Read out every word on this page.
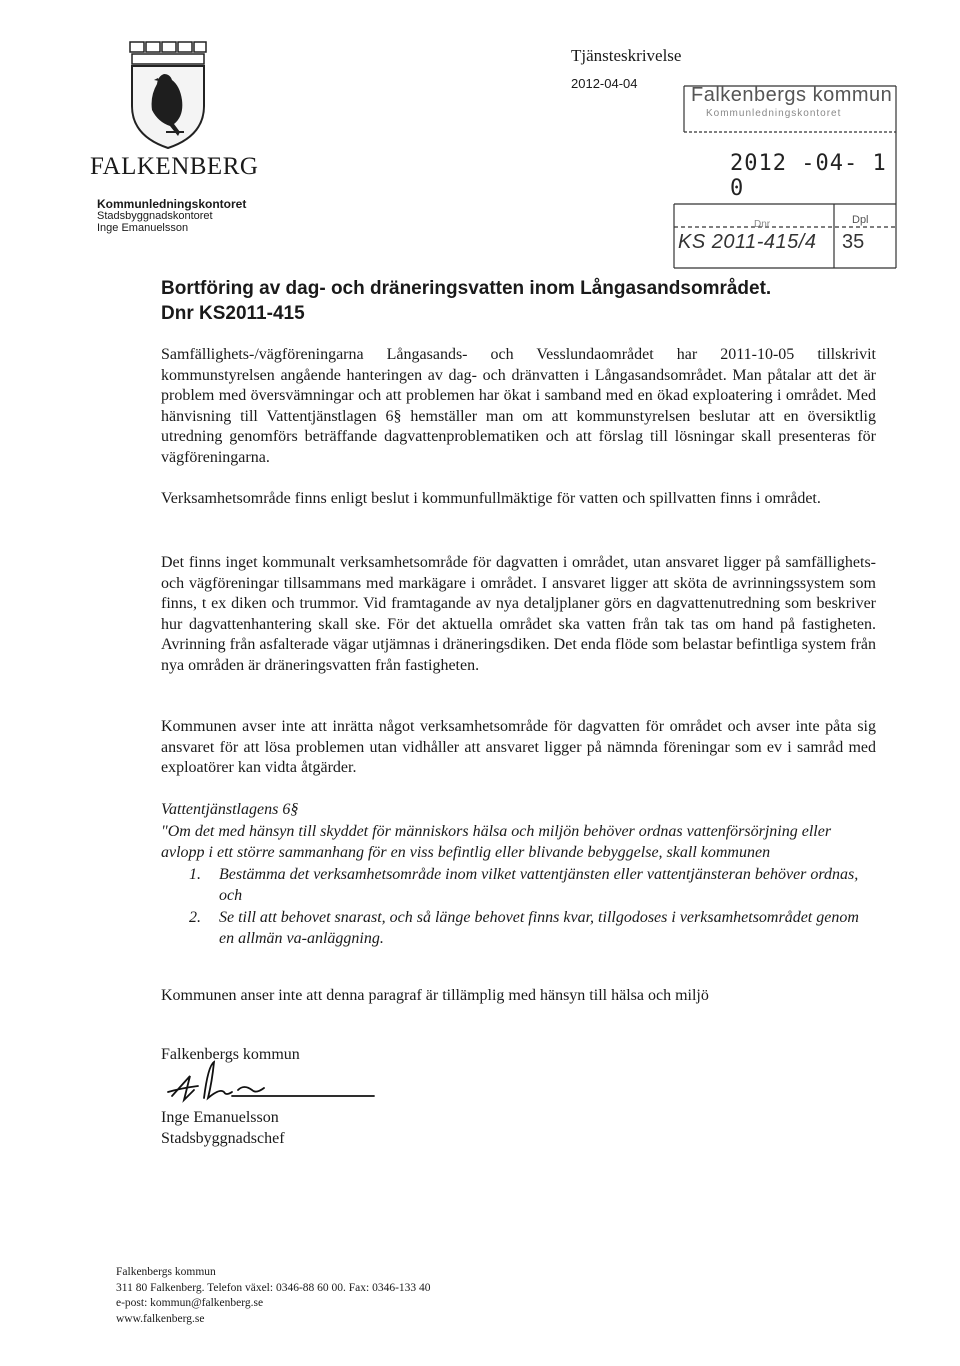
FALKENBERG
Kommunledningskontoret
Stadsbyggnadskontoret
Inge Emanuelsson
Tjänsteskrivelse
2012-04-04
Falkenbergs kommun
Kommunledningskontoret
2012 -04- 1 0
Dnr	Dpl
KS 2011-415/4 35
Bortföring av dag- och dräneringsvatten inom Långasandsområdet.
Dnr KS2011-415
Samfällighets-/vägföreningarna Långasands- och Vesslundaområdet har 2011-10-05 tillskrivit kommunstyrelsen angående hanteringen av dag- och dränvatten i Långasandsområdet. Man påtalar att det är problem med översvämningar och att problemen har ökat i samband med en ökad exploatering i området. Med hänvisning till Vattentjänstlagen 6§ hemställer man om att kommunstyrelsen beslutar att en översiktlig utredning genomförs beträffande dagvattenproblematiken och att förslag till lösningar skall presenteras för vägföreningarna.
Verksamhetsområde finns enligt beslut i kommunfullmäktige för vatten och spillvatten finns i området.
Det finns inget kommunalt verksamhetsområde för dagvatten i området, utan ansvaret ligger på samfällighets- och vägföreningar tillsammans med markägare i området. I ansvaret ligger att sköta de avrinningssystem som finns, t ex diken och trummor. Vid framtagande av nya detaljplaner görs en dagvattenutredning som beskriver hur dagvattenhantering skall ske. För det aktuella området ska vatten från tak tas om hand på fastigheten. Avrinning från asfalterade vägar utjämnas i dräneringsdiken. Det enda flöde som belastar befintliga system från nya områden är dräneringsvatten från fastigheten.
Kommunen avser inte att inrätta något verksamhetsområde för dagvatten för området och avser inte påta sig ansvaret för att lösa problemen utan vidhåller att ansvaret ligger på nämnda föreningar som ev i samråd med exploatörer kan vidta åtgärder.
Vattentjänstlagens 6§
"Om det med hänsyn till skyddet för människors hälsa och miljön behöver ordnas vattenförsörjning eller avlopp i ett större sammanhang för en viss befintlig eller blivande bebyggelse, skall kommunen
1. Bestämma det verksamhetsområde inom vilket vattentjänsten eller vattentjänsteran behöver ordnas, och
2. Se till att behovet snarast, och så länge behovet finns kvar, tillgodoses i verksamhetsområdet genom en allmän va-anläggning.
Kommunen anser inte att denna paragraf är tillämplig med hänsyn till hälsa och miljö
Falkenbergs kommun
Inge Emanuelsson
Stadsbyggnadschef
Falkenbergs kommun
311 80 Falkenberg. Telefon växel: 0346-88 60 00. Fax: 0346-133 40
e-post: kommun@falkenberg.se
www.falkenberg.se
